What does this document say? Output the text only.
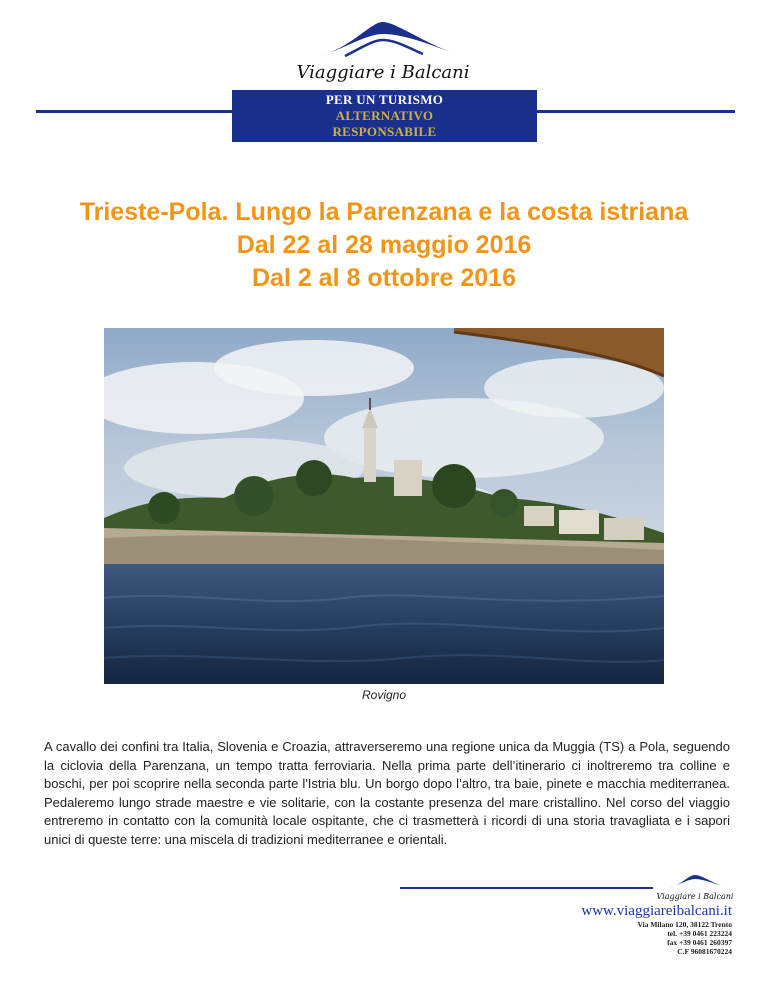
Viaggiare i Balcani
PER UN TURISMO
ALTERNATIVO
RESPONSABILE
Trieste-Pola. Lungo la Parenzana e la costa istriana
Dal 22 al 28 maggio 2016
Dal 2 al 8 ottobre 2016
Rovigno
A cavallo dei confini tra Italia, Slovenia e Croazia, attraverseremo una regione unica da Muggia (TS) a Pola, seguendo la ciclovia della Parenzana, un tempo tratta ferroviaria. Nella prima parte dell’itinerario ci inoltreremo tra colline e boschi, per poi scoprire nella seconda parte l'Istria blu. Un borgo dopo l’altro, tra baie, pinete e macchia mediterranea. Pedaleremo lungo strade maestre e vie solitarie, con la costante presenza del mare cristallino. Nel corso del viaggio entreremo in contatto con la comunità locale ospitante, che ci trasmetterà i ricordi di una storia travagliata e i sapori unici di queste terre: una miscela di tradizioni mediterranee e orientali.
Viaggiare i Balcani
www.viaggiareibalcani.it
Via Milano 120, 38122 Trento
tel. +39 0461 223224
fax +39 0461 260397
C.F 96081670224
